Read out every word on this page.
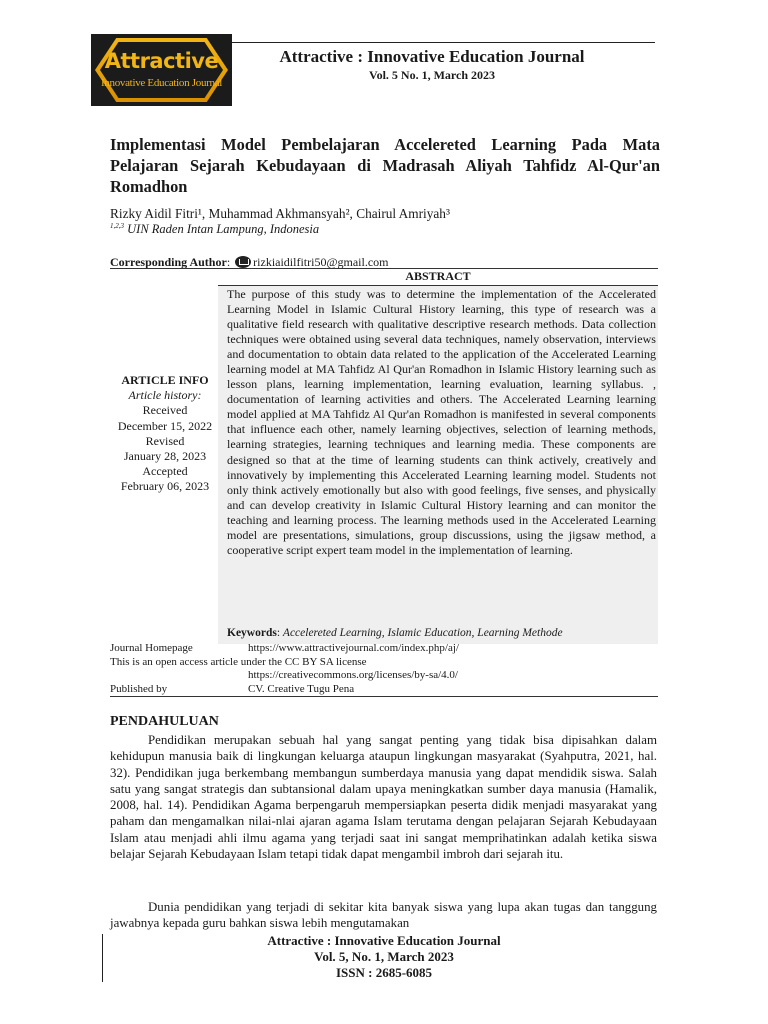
Attractive
Innovative Education Journal
Attractive : Innovative Education Journal
Vol. 5 No. 1, March 2023
Implementasi Model Pembelajaran Accelereted Learning Pada Mata Pelajaran Sejarah Kebudayaan di Madrasah Aliyah Tahfidz Al-Qur'an Romadhon
Rizky Aidil Fitri¹, Muhammad Akhmansyah², Chairul Amriyah³
$^{1,2,3}$ UIN Raden Intan Lampung, Indonesia
Corresponding Author: rizkiaidilfitri50@gmail.com
ABSTRACT
The purpose of this study was to determine the implementation of the Accelerated Learning Model in Islamic Cultural History learning, this type of research was a qualitative field research with qualitative descriptive research methods. Data collection techniques were obtained using several data techniques, namely observation, interviews and documentation to obtain data related to the application of the Accelerated Learning learning model at MA Tahfidz Al Qur'an Romadhon in Islamic History learning such as lesson plans, learning implementation, learning evaluation, learning syllabus. , documentation of learning activities and others. The Accelerated Learning learning model applied at MA Tahfidz Al Qur'an Romadhon is manifested in several components that influence each other, namely learning objectives, selection of learning methods, learning strategies, learning techniques and learning media. These components are designed so that at the time of learning students can think actively, creatively and innovatively by implementing this Accelerated Learning learning model. Students not only think actively emotionally but also with good feelings, five senses, and physically and can develop creativity in Islamic Cultural History learning and can monitor the teaching and learning process. The learning methods used in the Accelerated Learning model are presentations, simulations, group discussions, using the jigsaw method, a cooperative script expert team model in the implementation of learning.
Keywords: Accelereted Learning, Islamic Education, Learning Methode
ARTICLE INFO
Article history:
Received
December 15, 2022
Revised
January 28, 2023
Accepted
February 06, 2023
Journal Homepage	https://www.attractivejournal.com/index.php/aj/
This is an open access article under the CC BY SA license
https://creativecommons.org/licenses/by-sa/4.0/
Published by	CV. Creative Tugu Pena
PENDAHULUAN
Pendidikan merupakan sebuah hal yang sangat penting yang tidak bisa dipisahkan dalam kehidupun manusia baik di lingkungan keluarga ataupun lingkungan masyarakat (Syahputra, 2021, hal. 32). Pendidikan juga berkembang membangun sumberdaya manusia yang dapat mendidik siswa. Salah satu yang sangat strategis dan subtansional dalam upaya meningkatkan sumber daya manusia (Hamalik, 2008, hal. 14). Pendidikan Agama berpengaruh mempersiapkan peserta didik menjadi masyarakat yang paham dan mengamalkan nilai-nlai ajaran agama Islam terutama dengan pelajaran Sejarah Kebudayaan Islam atau menjadi ahli ilmu agama yang terjadi saat ini sangat memprihatinkan adalah ketika siswa belajar Sejarah Kebudayaan Islam tetapi tidak dapat mengambil imbroh dari sejarah itu.
Dunia pendidikan yang terjadi di sekitar kita banyak siswa yang lupa akan tugas dan tanggung jawabnya kepada guru bahkan siswa lebih mengutamakan
Attractive : Innovative Education Journal
Vol. 5, No. 1, March 2023
ISSN : 2685-6085
